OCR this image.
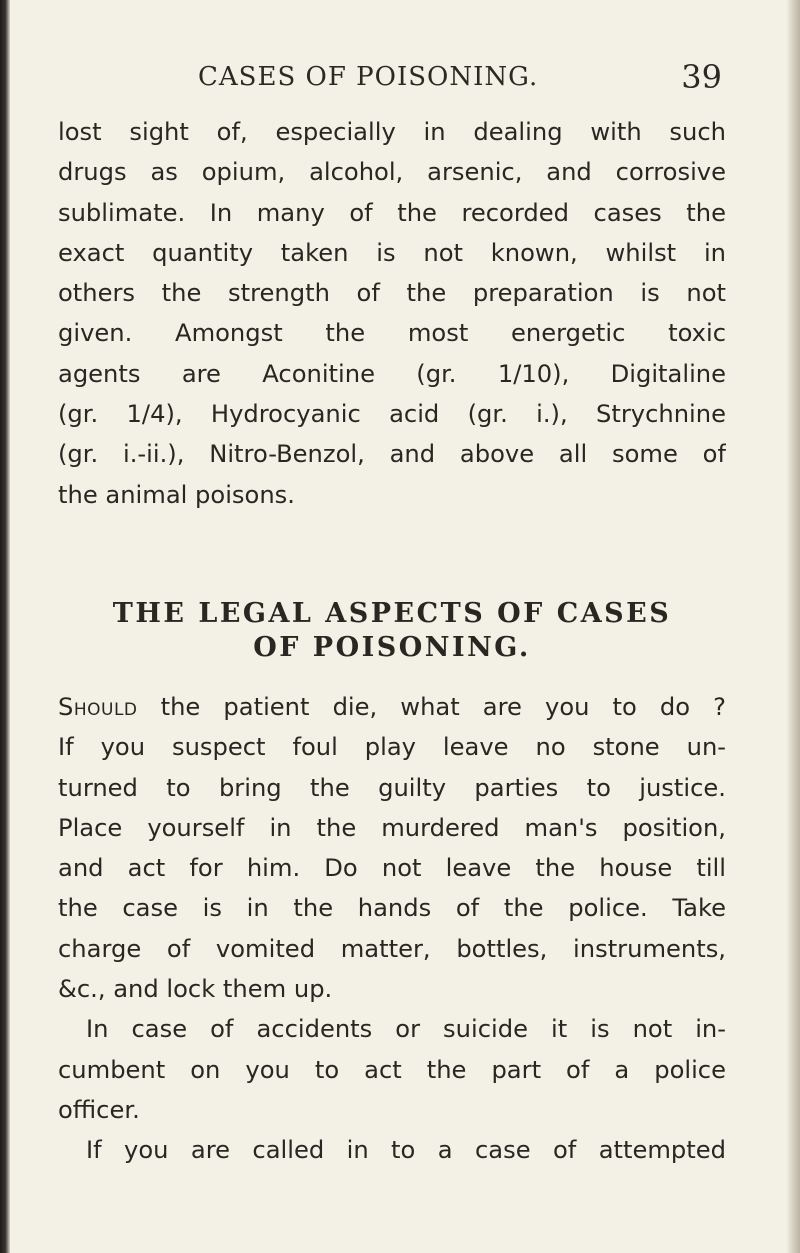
CASES OF POISONING.	39

lost sight of, especially in dealing with such

drugs as opium, alcohol, arsenic, and corrosive

sublimate. In many of the recorded cases the

exact quantity taken is not known, whilst in

others the strength of the preparation is not

given. Amongst the most energetic toxic

agents are Aconitine (gr. 1/10), Digitaline

(gr. 1/4), Hydrocyanic acid (gr. i.), Strychnine

(gr. i.-ii.), Nitro-Benzol, and above all some of

the animal poisons.

THE LEGAL ASPECTS OF CASES
OF POISONING.

Should the patient die, what are you to do ?

If you suspect foul play leave no stone un-

turned to bring the guilty parties to justice.

Place yourself in the murdered man's position,

and act for him. Do not leave the house till

the case is in the hands of the police. Take

charge of vomited matter, bottles, instruments,

&c., and lock them up.

In case of accidents or suicide it is not in-

cumbent on you to act the part of a police

officer.

If you are called in to a case of attempted
